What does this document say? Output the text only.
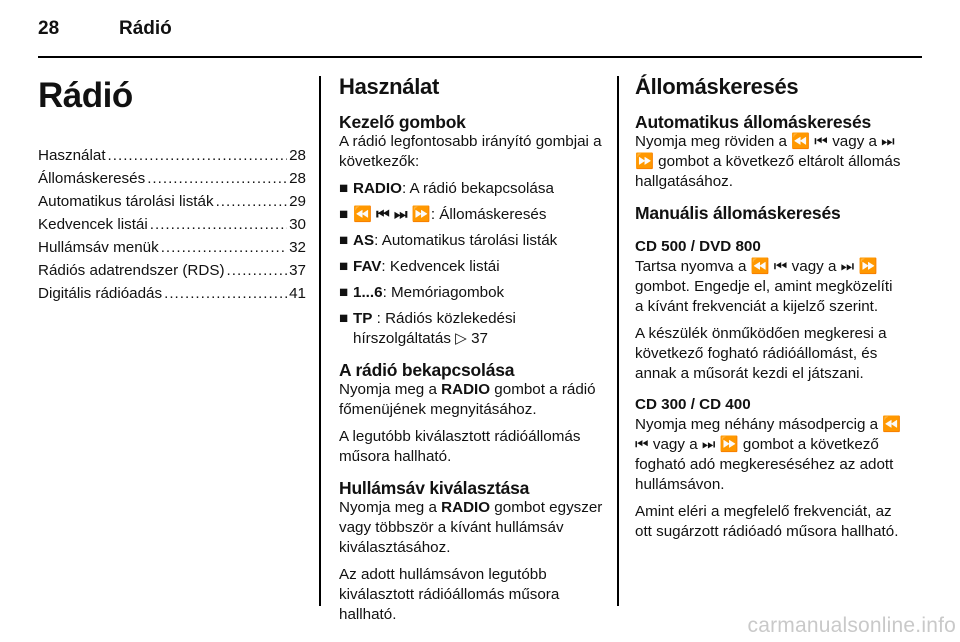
28	Rádió
Rádió
Használat .....	28
Állomáskeresés .....	28
Automatikus tárolási listák .....	29
Kedvencek listái .....	30
Hullámsáv menük .....	32
Rádiós adatrendszer (RDS) .....	37
Digitális rádióadás .....	41
Használat
Kezelő gombok

A rádió legfontosabb irányító gombjai a következők:

■ RADIO: A rádió bekapcsolása
■ ⏪ ⏮ ⏭ ⏩: Állomáskeresés
■ AS: Automatikus tárolási listák
■ FAV: Kedvencek listái
■ 1...6: Memóriagombok
■ TP : Rádiós közlekedési hírszolgáltatás ▷ 37
A rádió bekapcsolása

Nyomja meg a RADIO gombot a rádió főmenüjének megnyitásához.

A legutóbb kiválasztott rádióállomás műsora hallható.

Hullámsáv kiválasztása

Nyomja meg a RADIO gombot egyszer vagy többször a kívánt hullámsáv kiválasztásához.

Az adott hullámsávon legutóbb kiválasztott rádióállomás műsora hallható.

Állomáskeresés
Automatikus állomáskeresés

Nyomja meg röviden a ⏪ ⏮ vagy a ⏭ ⏩ gombot a következő eltárolt állomás hallgatásához.

Manuális állomáskeresés
CD 500 / DVD 800

Tartsa nyomva a ⏪ ⏮ vagy a ⏭ ⏩ gombot. Engedje el, amint megközelíti a kívánt frekvenciát a kijelző szerint.

A készülék önműködően megkeresi a következő fogható rádióállomást, és annak a műsorát kezdi el játszani.

CD 300 / CD 400

Nyomja meg néhány másodpercig a ⏪ ⏮ vagy a ⏭ ⏩ gombot a következő fogható adó megkereséséhez az adott hullámsávon.

Amint eléri a megfelelő frekvenciát, az ott sugárzott rádióadó műsora hallható.

carmanualsonline.info
